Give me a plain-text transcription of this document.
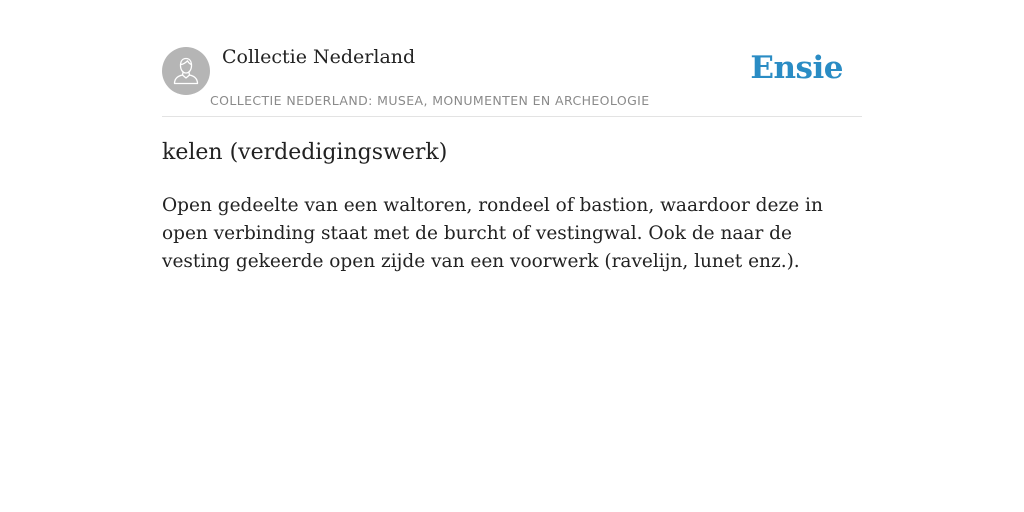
Collectie Nederland
COLLECTIE NEDERLAND: MUSEA, MONUMENTEN EN ARCHEOLOGIE
Ensie
kelen (verdedigingswerk)

Open gedeelte van een waltoren, rondeel of bastion, waardoor deze in open verbinding staat met de burcht of vestingwal. Ook de naar de vesting gekeerde open zijde van een voorwerk (ravelijn, lunet enz.).
